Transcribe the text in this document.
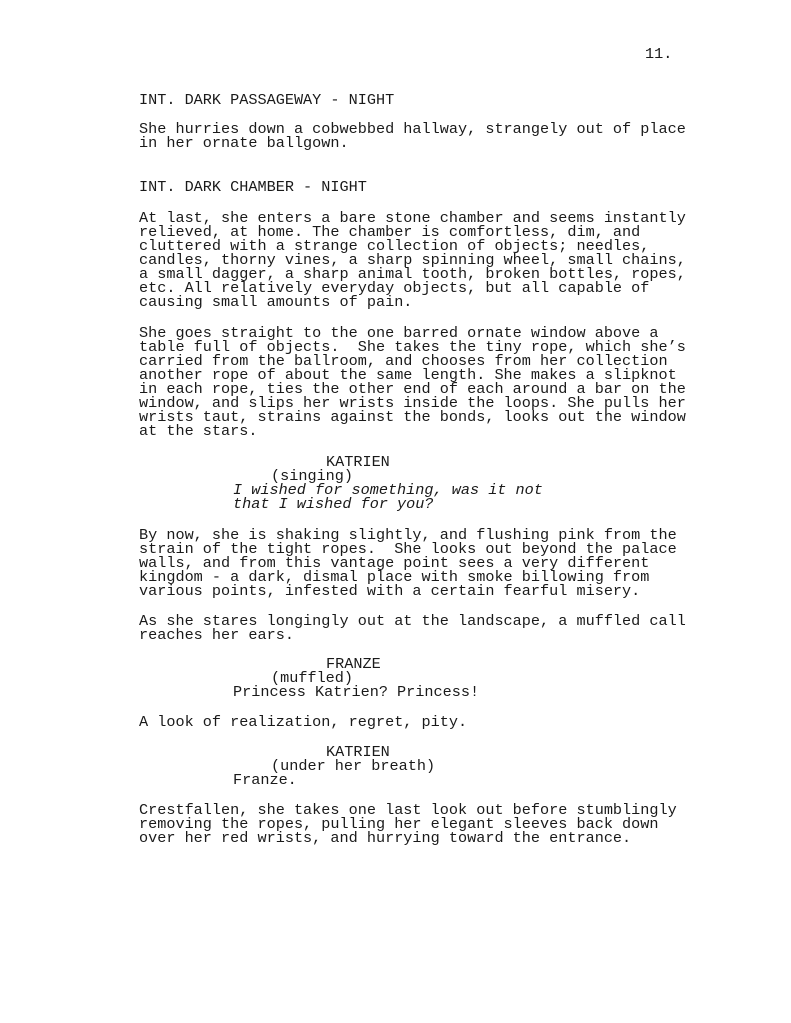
11.
INT. DARK PASSAGEWAY - NIGHT
She hurries down a cobwebbed hallway, strangely out of place
in her ornate ballgown.
INT. DARK CHAMBER - NIGHT
At last, she enters a bare stone chamber and seems instantly
relieved, at home. The chamber is comfortless, dim, and
cluttered with a strange collection of objects; needles,
candles, thorny vines, a sharp spinning wheel, small chains,
a small dagger, a sharp animal tooth, broken bottles, ropes,
etc. All relatively everyday objects, but all capable of
causing small amounts of pain.
She goes straight to the one barred ornate window above a
table full of objects.  She takes the tiny rope, which she’s
carried from the ballroom, and chooses from her collection
another rope of about the same length. She makes a slipknot
in each rope, ties the other end of each around a bar on the
window, and slips her wrists inside the loops. She pulls her
wrists taut, strains against the bonds, looks out the window
at the stars.
KATRIEN
(singing)
I wished for something, was it not
that I wished for you?
By now, she is shaking slightly, and flushing pink from the
strain of the tight ropes.  She looks out beyond the palace
walls, and from this vantage point sees a very different
kingdom - a dark, dismal place with smoke billowing from
various points, infested with a certain fearful misery.
As she stares longingly out at the landscape, a muffled call
reaches her ears.
FRANZE
(muffled)
Princess Katrien? Princess!
A look of realization, regret, pity.
KATRIEN
(under her breath)
Franze.
Crestfallen, she takes one last look out before stumblingly
removing the ropes, pulling her elegant sleeves back down
over her red wrists, and hurrying toward the entrance.
